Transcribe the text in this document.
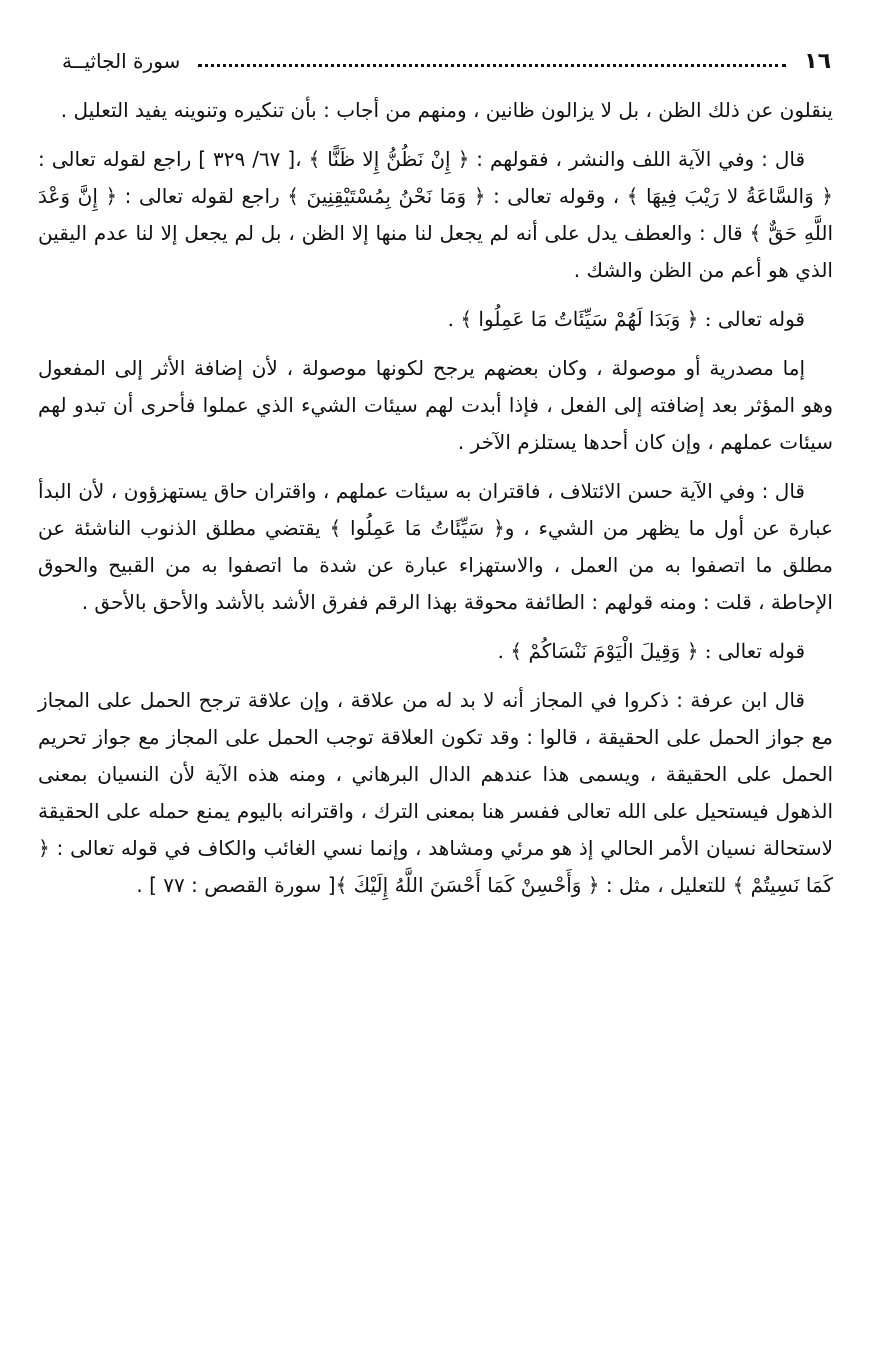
١٦
سورة الجاثيــة

ينقلون عن ذلك الظن ، بل لا يزالون ظانين ، ومنهم من أجاب : بأن تنكيره وتنوينه يفيد التعليل .

قال : وفي الآية اللف والنشر ، فقولهم : ﴿ إِنْ نَظُنُّ إِلا ظَنًّا ﴾ ،[ ٦٧/ ٣٢٩ ] راجع لقوله تعالى : ﴿ وَالسَّاعَةُ لا رَيْبَ فِيهَا ﴾ ، وقوله تعالى : ﴿ وَمَا نَحْنُ بِمُسْتَيْقِنِينَ ﴾ راجع لقوله تعالى : ﴿ إِنَّ وَعْدَ اللَّهِ حَقٌّ ﴾ قال : والعطف يدل على أنه لم يجعل لنا منها إلا الظن ، بل لم يجعل إلا لنا عدم اليقين الذي هو أعم من الظن والشك .

قوله تعالى : ﴿ وَبَدَا لَهُمْ سَيِّئَاتُ مَا عَمِلُوا ﴾ .

إما مصدرية أو موصولة ، وكان بعضهم يرجح لكونها موصولة ، لأن إضافة الأثر إلى المفعول وهو المؤثر بعد إضافته إلى الفعل ، فإذا أبدت لهم سيئات الشيء الذي عملوا فأحرى أن تبدو لهم سيئات عملهم ، وإن كان أحدها يستلزم الآخر .

قال : وفي الآية حسن الائتلاف ، فاقتران به سيئات عملهم ، واقتران حاق يستهزؤون ، لأن البدأ عبارة عن أول ما يظهر من الشيء ، و﴿ سَيِّئَاتُ مَا عَمِلُوا ﴾ يقتضي مطلق الذنوب الناشئة عن مطلق ما اتصفوا به من العمل ، والاستهزاء عبارة عن شدة ما اتصفوا به من القبيح والحوق الإحاطة ، قلت : ومنه قولهم : الطائفة محوقة بهذا الرقم ففرق الأشد بالأشد والأحق بالأحق .

قوله تعالى : ﴿ وَقِيلَ الْيَوْمَ نَنْسَاكُمْ ﴾ .

قال ابن عرفة : ذكروا في المجاز أنه لا بد له من علاقة ، وإن علاقة ترجح الحمل على المجاز مع جواز الحمل على الحقيقة ، قالوا : وقد تكون العلاقة توجب الحمل على المجاز مع جواز تحريم الحمل على الحقيقة ، ويسمى هذا عندهم الدال البرهاني ، ومنه هذه الآية لأن النسيان بمعنى الذهول فيستحيل على الله تعالى ففسر هنا بمعنى الترك ، واقترانه باليوم يمنع حمله على الحقيقة لاستحالة نسيان الأمر الحالي إذ هو مرئي ومشاهد ، وإنما نسي الغائب والكاف في قوله تعالى : ﴿ كَمَا نَسِيتُمْ ﴾ للتعليل ، مثل : ﴿ وَأَحْسِنْ كَمَا أَحْسَنَ اللَّهُ إِلَيْكَ ﴾[ سورة القصص : ٧٧ ] .
